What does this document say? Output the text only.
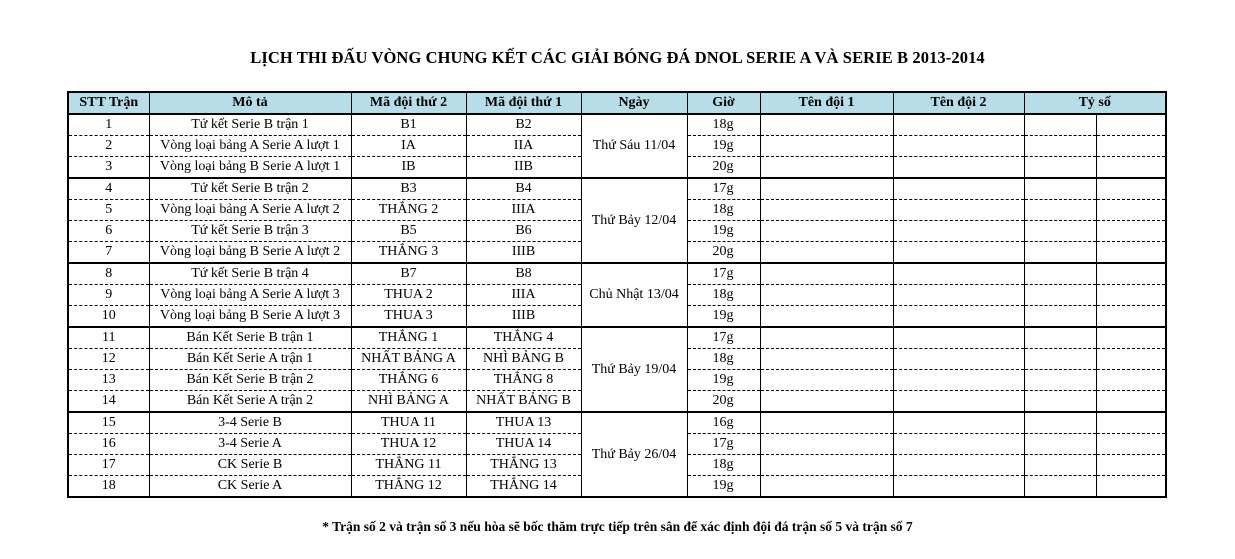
LỊCH THI ĐẤU VÒNG CHUNG KẾT CÁC GIẢI BÓNG ĐÁ DNOL SERIE A VÀ SERIE B 2013-2014
STT Trận	Mô tả	Mã đội thứ 2	Mã đội thứ 1	Ngày	Giờ	Tên đội 1	Tên đội 2	Tỷ số	
1	Tứ kết Serie B trận 1	B1	B2	Thứ Sáu 11/04	18g				
2	Vòng loại bảng A Serie A lượt 1	IA	IIA		19g				
3	Vòng loại bảng B Serie A lượt 1	IB	IIB		20g				
4	Tứ kết Serie B trận 2	B3	B4	Thứ Bảy 12/04	17g				
5	Vòng loại bảng A Serie A lượt 2	THẮNG 2	IIIA		18g				
6	Tứ kết Serie B trận 3	B5	B6		19g				
7	Vòng loại bảng B Serie A lượt 2	THẮNG 3	IIIB		20g				
8	Tứ kết Serie B trận 4	B7	B8	Chủ Nhật 13/04	17g				
9	Vòng loại bảng A Serie A lượt 3	THUA 2	IIIA		18g				
10	Vòng loại bảng B Serie A lượt 3	THUA 3	IIIB		19g				
11	Bán Kết Serie B trận 1	THẮNG 1	THẮNG 4	Thứ Bảy 19/04	17g				
12	Bán Kết Serie A trận 1	NHẤT BẢNG A	NHÌ BẢNG B		18g				
13	Bán Kết Serie B trận 2	THẮNG 6	THẮNG 8		19g				
14	Bán Kết Serie A trận 2	NHÌ BẢNG A	NHẤT BẢNG B		20g				
15	3-4 Serie B	THUA 11	THUA 13	Thứ Bảy 26/04	16g				
16	3-4 Serie A	THUA 12	THUA 14		17g				
17	CK Serie B	THẮNG 11	THẮNG 13		18g				
18	CK Serie A	THẮNG 12	THẮNG 14		19g				
* Trận số 2 và trận số 3 nếu hòa sẽ bốc thăm trực tiếp trên sân để xác định đội đá trận số 5 và trận số 7
